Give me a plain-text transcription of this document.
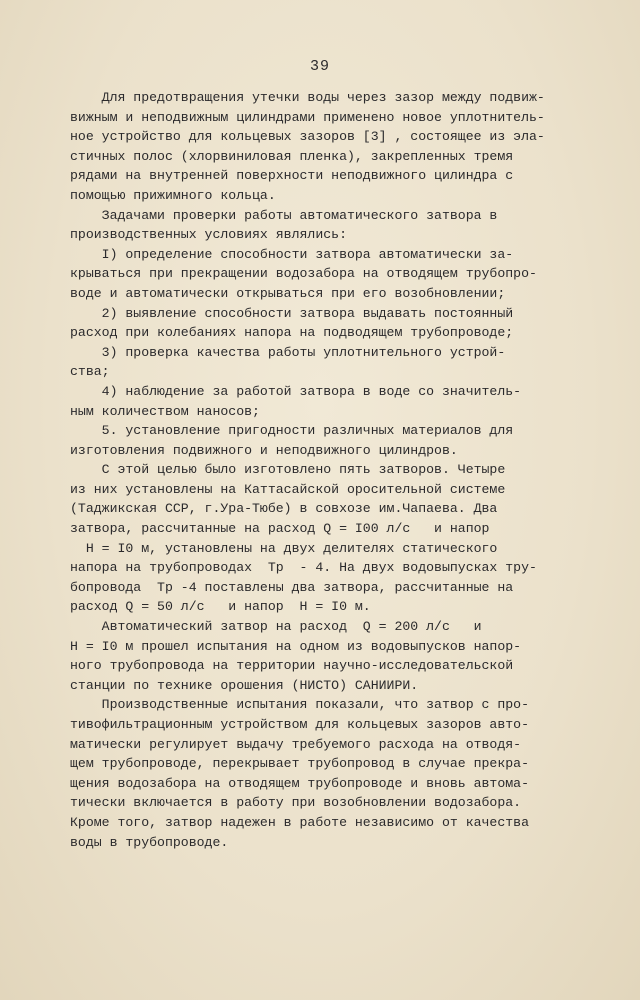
39
Для предотвращения утечки воды через зазор между подвиж-
вижным и неподвижным цилиндрами применено новое уплотнитель-
ное устройство для кольцевых зазоров [3] , состоящее из эла-
стичных полос (хлорвиниловая пленка), закрепленных тремя
рядами на внутренней поверхности неподвижного цилиндра с
помощью прижимного кольца.
Задачами проверки работы автоматического затвора в
производственных условиях являлись:
I) определение способности затвора автоматически за-
крываться при прекращении водозабора на отводящем трубопро-
воде и автоматически открываться при его возобновлении;
2) выявление способности затвора выдавать постоянный
расход при колебаниях напора на подводящем трубопроводе;
3) проверка качества работы уплотнительного устрой-
ства;
4) наблюдение за работой затвора в воде со значитель-
ным количеством наносов;
5. установление пригодности различных материалов для
изготовления подвижного и неподвижного цилиндров.
С этой целью было изготовлено пять затворов. Четыре
из них установлены на Каттасайской оросительной системе
(Таджикская ССР, г.Ура-Тюбе) в совхозе им.Чапаева. Два
затвора, рассчитанные на расход Q = I00 л/с   и напор
H = I0 м, установлены на двух делителях статического
напора на трубопроводах  Tр  - 4. На двух водовыпусках тру-
бопровода  Tр -4 поставлены два затвора, рассчитанные на
расход Q = 50 л/с   и напор  H = I0 м.
Автоматический затвор на расход  Q = 200 л/с   и
H = I0 м прошел испытания на одном из водовыпусков напор-
ного трубопровода на территории научно-исследовательской
станции по технике орошения (НИСТО) САНИИРИ.
Производственные испытания показали, что затвор с про-
тивофильтрационным устройством для кольцевых зазоров авто-
матически регулирует выдачу требуемого расхода на отводя-
щем трубопроводе, перекрывает трубопровод в случае прекра-
щения водозабора на отводящем трубопроводе и вновь автома-
тически включается в работу при возобновлении водозабора.
Кроме того, затвор надежен в работе независимо от качества
воды в трубопроводе.
